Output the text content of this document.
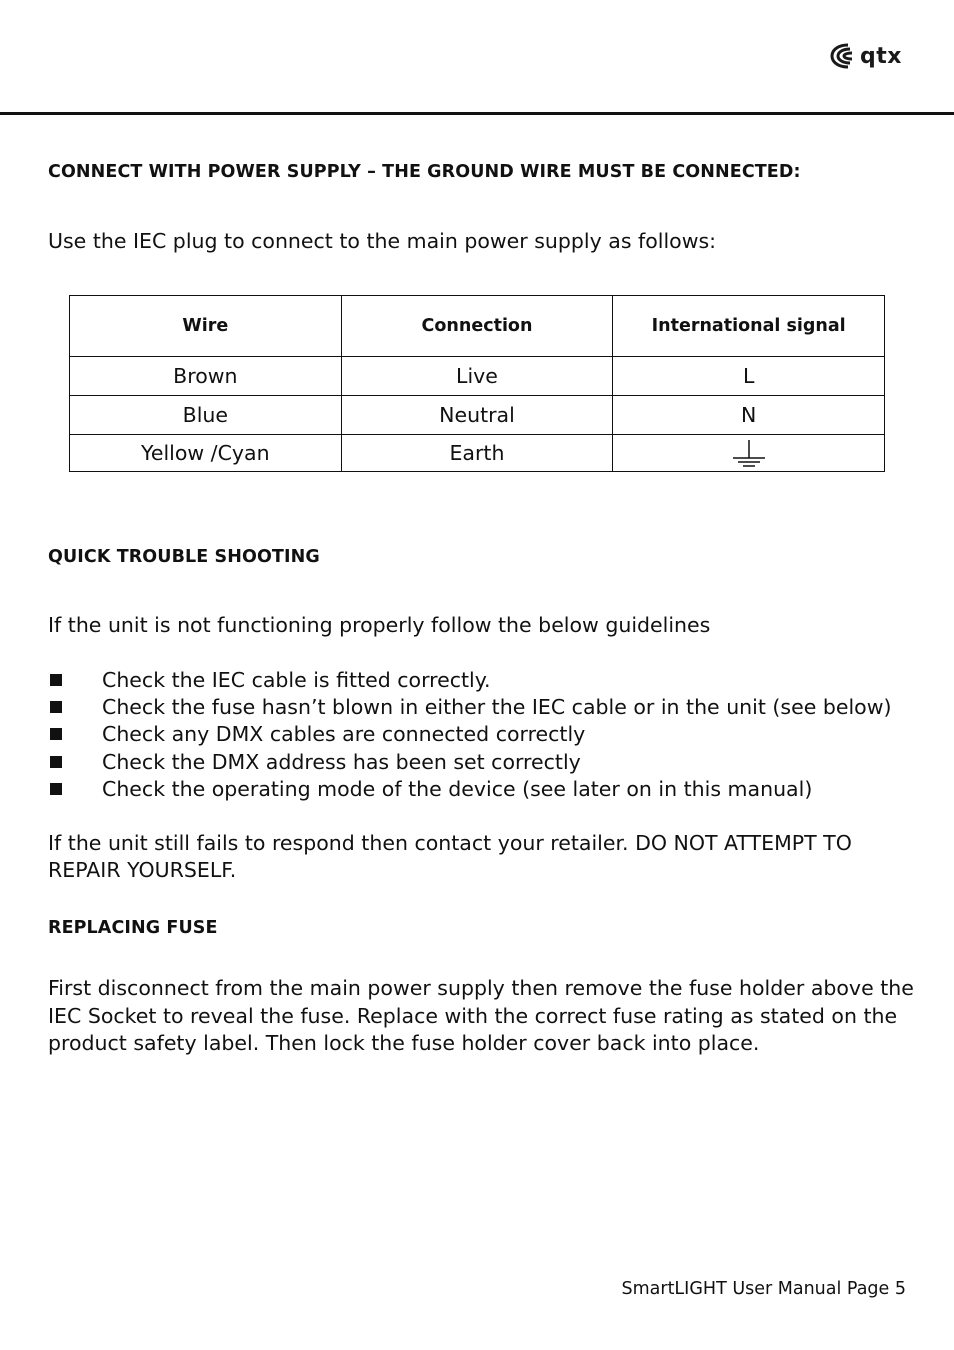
qtx
CONNECT WITH POWER SUPPLY – THE GROUND WIRE MUST BE CONNECTED:
Use the IEC plug to connect to the main power supply as follows:
Wire	Connection	International signal
Brown	Live	L
Blue	Neutral	N
Yellow /Cyan	Earth	
QUICK TROUBLE SHOOTING
If the unit is not functioning properly follow the below guidelines
Check the IEC cable is fitted correctly.
Check the fuse hasn’t blown in either the IEC cable or in the unit (see below)
Check any DMX cables are connected correctly
Check the DMX address has been set correctly
Check the operating mode of the device (see later on in this manual)
If the unit still fails to respond then contact your retailer. DO NOT ATTEMPT TO
REPAIR YOURSELF.
REPLACING FUSE
First disconnect from the main power supply then remove the fuse holder above the
IEC Socket to reveal the fuse. Replace with the correct fuse rating as stated on the
product safety label. Then lock the fuse holder cover back into place.
SmartLIGHT User Manual Page 5
